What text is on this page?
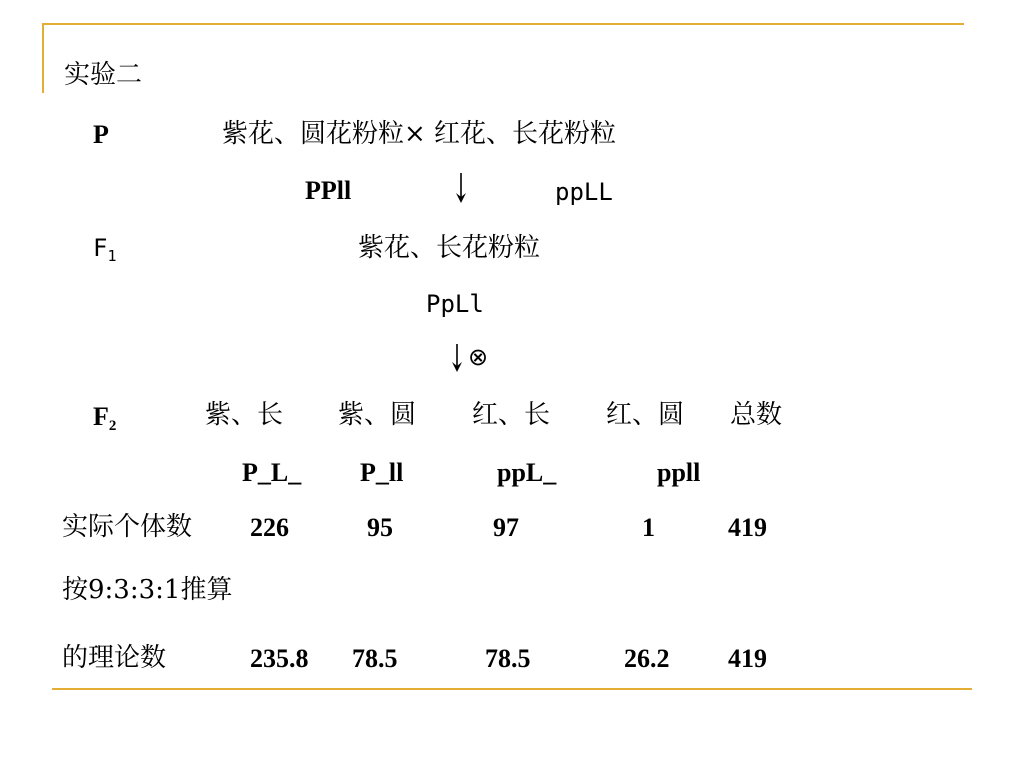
实验二
P	紫花、圆花粉粒× 红花、长花粉粒
PPll	ppLL
$F_1$	紫花、长花粉粒
PpLl
⊗
$F_2$	紫、长 紫、圆 红、长 红、圆 总数
P_L_ P_ll	ppL_	ppll
实际个体数 226	95	97	1	419
按9:3:3:1推算
的理论数	235.8 78.5	78.5	26.2 419
